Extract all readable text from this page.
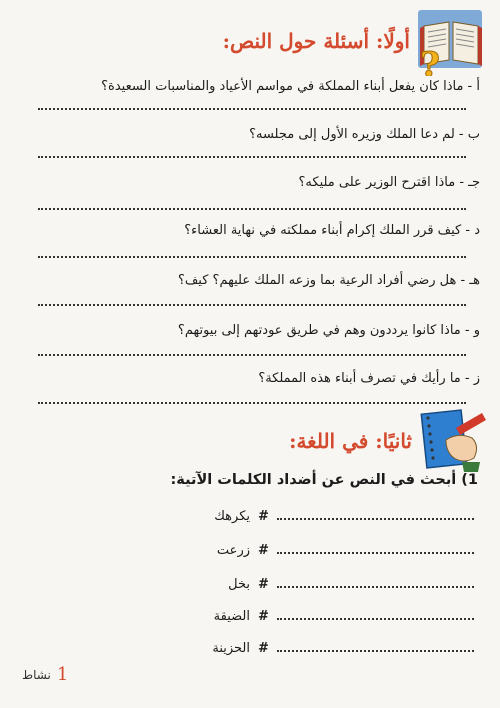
?
أولًا: أسئلة حول النص:
أ - ماذا كان يفعل أبناء المملكة في مواسم الأعياد والمناسبات السعيدة؟
ب - لم دعا الملك وزيره الأول إلى مجلسه؟
جـ - ماذا اقترح الوزير على مليكه؟
د - كيف قرر الملك إكرام أبناء مملكته في نهاية العشاء؟
هـ - هل رضي أفراد الرعية بما وزعه الملك عليهم؟ كيف؟
و - ماذا كانوا يرددون وهم في طريق عودتهم إلى بيوتهم؟
ز - ما رأيك في تصرف أبناء هذه المملكة؟
ثانيًا: في اللغة:
1) أبحث في النص عن أضداد الكلمات الآتية:
يكرهك #
زرعت #
بخل #
الضيقة #
الحزينة #
نشاط 1
